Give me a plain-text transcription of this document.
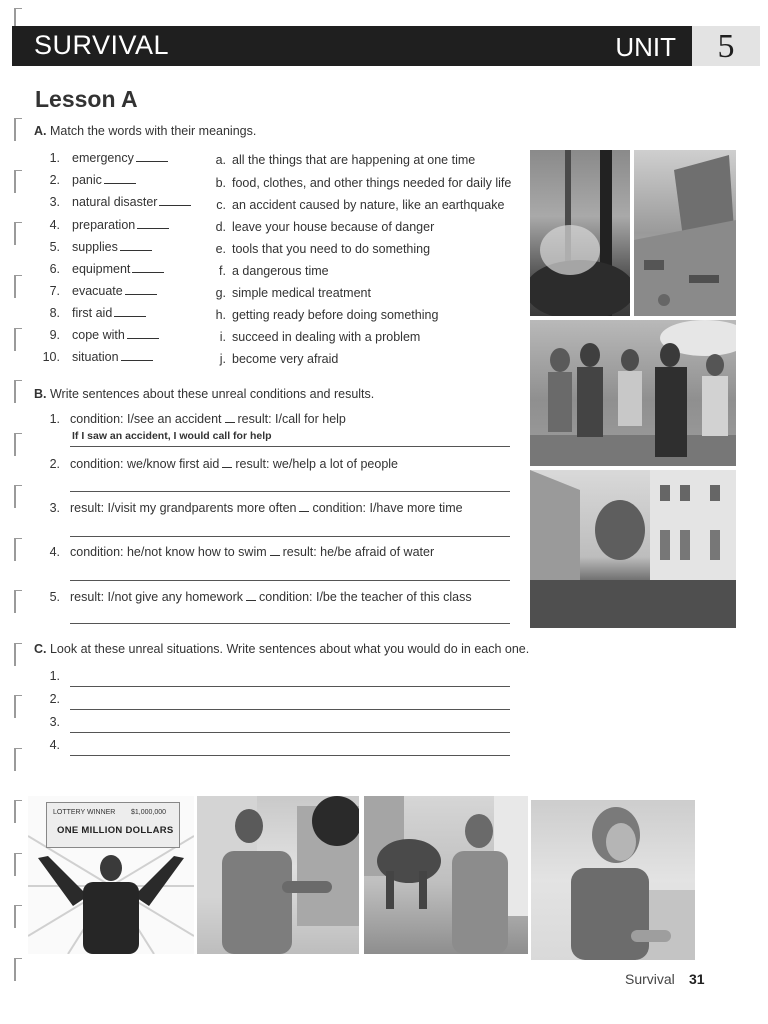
SURVIVAL	UNIT	5
Lesson A
A. Match the words with their meanings.
1. emergency
2. panic
3. natural disaster
4. preparation
5. supplies
6. equipment
7. evacuate
8. first aid
9. cope with
10. situation
a. all the things that are happening at one time
b. food, clothes, and other things needed for daily life
c. an accident caused by nature, like an earthquake
d. leave your house because of danger
e. tools that you need to do something
f. a dangerous time
g. simple medical treatment
h. getting ready before doing something
i. succeed in dealing with a problem
j. become very afraid
B. Write sentences about these unreal conditions and results.
1. condition: I/see an accident result: I/call for help
If I saw an accident, I would call for help
2. condition: we/know first aid result: we/help a lot of people
3. result: I/visit my grandparents more often condition: I/have more time
4. condition: he/not know how to swim result: he/be afraid of water
5. result: I/not give any homework condition: I/be the teacher of this class
C. Look at these unreal situations. Write sentences about what you would do in each one.
1.
2.
3.
4.
LOTTERY WINNER $1,000,000
ONE MILLION DOLLARS
Survival 31
